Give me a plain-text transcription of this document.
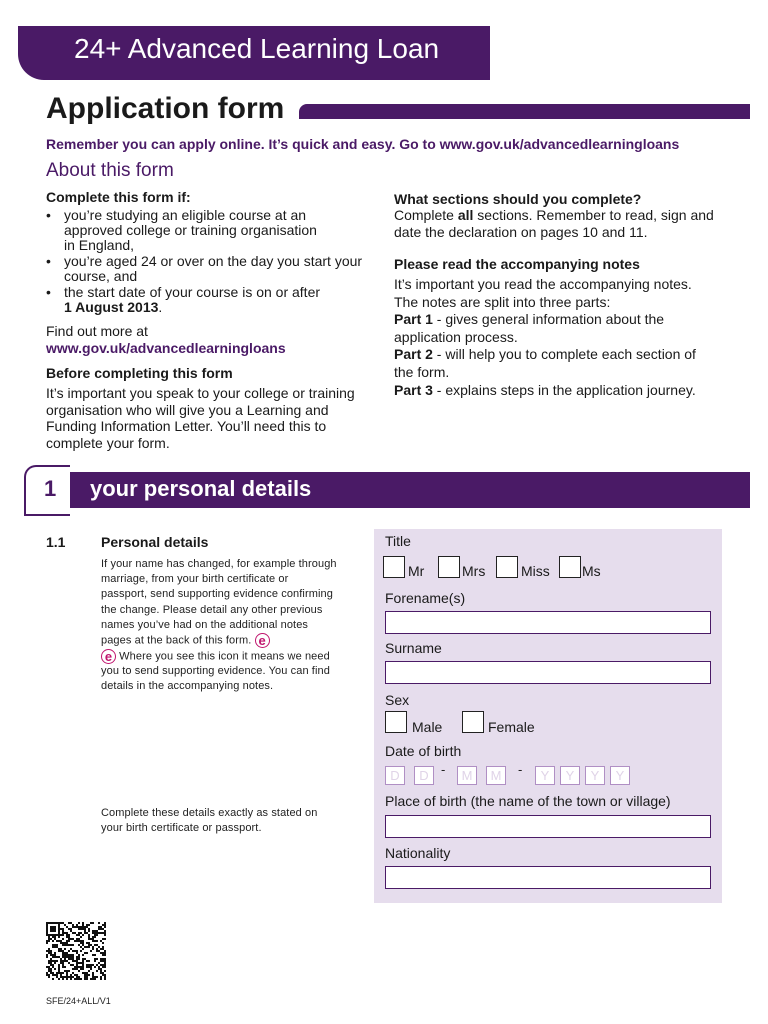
24+ Advanced Learning Loan
Application form
Remember you can apply online. It’s quick and easy. Go to www.gov.uk/advancedlearningloans
About this form
Complete this form if:
• you’re studying an eligible course at an
approved college or training organisation
in England,
• you’re aged 24 or over on the day you start your
course, and
• the start date of your course is on or after
1 August 2013.
Find out more at
www.gov.uk/advancedlearningloans
Before completing this form
It’s important you speak to your college or training
organisation who will give you a Learning and
Funding Information Letter. You’ll need this to
complete your form.
What sections should you complete?
Complete all sections. Remember to read, sign and
date the declaration on pages 10 and 11.
Please read the accompanying notes
It’s important you read the accompanying notes.
The notes are split into three parts:
Part 1 - gives general information about the
application process.
Part 2 - will help you to complete each section of
the form.
Part 3 - explains steps in the application journey.
1 your personal details
1.1	Personal details
If your name has changed, for example through
marriage, from your birth certificate or
passport, send supporting evidence confirming
the change. Please detail any other previous
names you’ve had on the additional notes
pages at the back of this form. e
e Where you see this icon it means we need
you to send supporting evidence. You can find
details in the accompanying notes.
Complete these details exactly as stated on
your birth certificate or passport.
Title
Mr	Mrs	Miss Ms
Forename(s)
Surname
Sex
Male	Female
Date of birth
D	D -	M	M	-	Y	Y	Y	Y
Place of birth (the name of the town or village)
Nationality
SFE/24+ALL/V1
